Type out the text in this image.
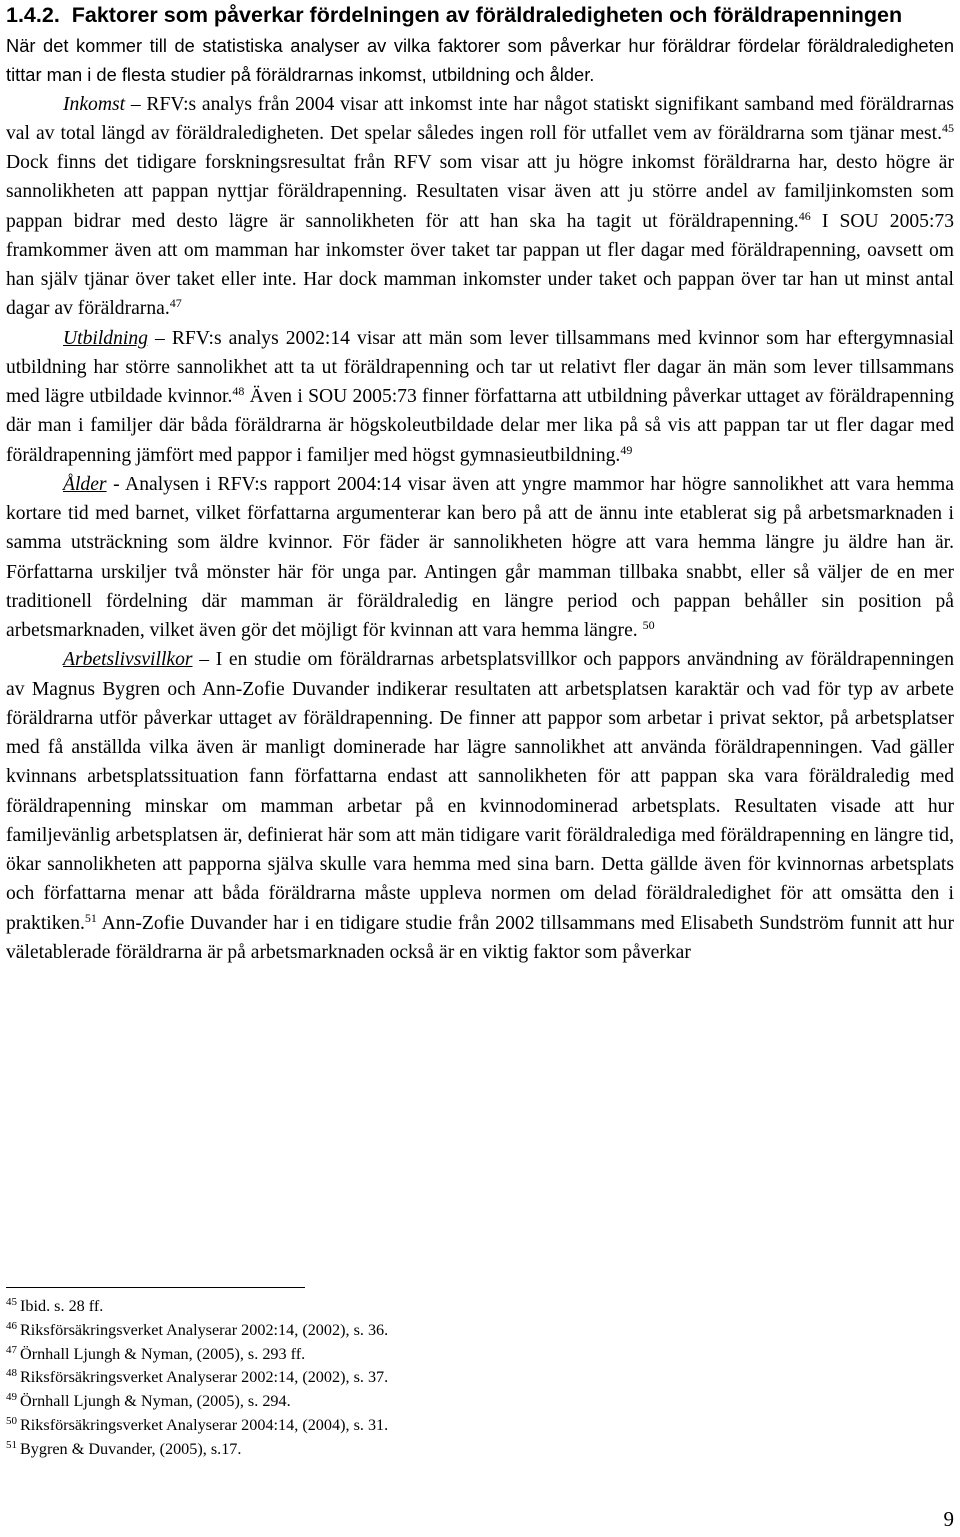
1.4.2. Faktorer som påverkar fördelningen av föräldraledigheten och föräldrapenningen

När det kommer till de statistiska analyser av vilka faktorer som påverkar hur föräldrar fördelar föräldraledigheten tittar man i de flesta studier på föräldrarnas inkomst, utbildning och ålder.

Inkomst – RFV:s analys från 2004 visar att inkomst inte har något statiskt signifikant samband med föräldrarnas val av total längd av föräldraledigheten. Det spelar således ingen roll för utfallet vem av föräldrarna som tjänar mest.$^{45}$ Dock finns det tidigare forskningsresultat från RFV som visar att ju högre inkomst föräldrarna har, desto högre är sannolikheten att pappan nyttjar föräldrapenning. Resultaten visar även att ju större andel av familjinkomsten som pappan bidrar med desto lägre är sannolikheten för att han ska ha tagit ut föräldrapenning.$^{46}$ I SOU 2005:73 framkommer även att om mamman har inkomster över taket tar pappan ut fler dagar med föräldrapenning, oavsett om han själv tjänar över taket eller inte. Har dock mamman inkomster under taket och pappan över tar han ut minst antal dagar av föräldrarna.$^{47}$

Utbildning – RFV:s analys 2002:14 visar att män som lever tillsammans med kvinnor som har eftergymnasial utbildning har större sannolikhet att ta ut föräldrapenning och tar ut relativt fler dagar än män som lever tillsammans med lägre utbildade kvinnor.$^{48}$ Även i SOU 2005:73 finner författarna att utbildning påverkar uttaget av föräldrapenning där man i familjer där båda föräldrarna är högskoleutbildade delar mer lika på så vis att pappan tar ut fler dagar med föräldrapenning jämfört med pappor i familjer med högst gymnasieutbildning.$^{49}$

Ålder - Analysen i RFV:s rapport 2004:14 visar även att yngre mammor har högre sannolikhet att vara hemma kortare tid med barnet, vilket författarna argumenterar kan bero på att de ännu inte etablerat sig på arbetsmarknaden i samma utsträckning som äldre kvinnor. För fäder är sannolikheten högre att vara hemma längre ju äldre han är. Författarna urskiljer två mönster här för unga par. Antingen går mamman tillbaka snabbt, eller så väljer de en mer traditionell fördelning där mamman är föräldraledig en längre period och pappan behåller sin position på arbetsmarknaden, vilket även gör det möjligt för kvinnan att vara hemma längre. $^{50}$

Arbetslivsvillkor – I en studie om föräldrarnas arbetsplatsvillkor och pappors användning av föräldrapenningen av Magnus Bygren och Ann-Zofie Duvander indikerar resultaten att arbetsplatsen karaktär och vad för typ av arbete föräldrarna utför påverkar uttaget av föräldrapenning. De finner att pappor som arbetar i privat sektor, på arbetsplatser med få anställda vilka även är manligt dominerade har lägre sannolikhet att använda föräldrapenningen. Vad gäller kvinnans arbetsplatssituation fann författarna endast att sannolikheten för att pappan ska vara föräldraledig med föräldrapenning minskar om mamman arbetar på en kvinnodominerad arbetsplats. Resultaten visade att hur familjevänlig arbetsplatsen är, definierat här som att män tidigare varit föräldralediga med föräldrapenning en längre tid, ökar sannolikheten att papporna själva skulle vara hemma med sina barn. Detta gällde även för kvinnornas arbetsplats och författarna menar att båda föräldrarna måste uppleva normen om delad föräldraledighet för att omsätta den i praktiken.$^{51}$ Ann-Zofie Duvander har i en tidigare studie från 2002 tillsammans med Elisabeth Sundström funnit att hur väletablerade föräldrarna är på arbetsmarknaden också är en viktig faktor som påverkar

$^{45}$ Ibid. s. 28 ff.
$^{46}$ Riksförsäkringsverket Analyserar 2002:14, (2002), s. 36.
$^{47}$ Örnhall Ljungh & Nyman, (2005), s. 293 ff.
$^{48}$ Riksförsäkringsverket Analyserar 2002:14, (2002), s. 37.
$^{49}$ Örnhall Ljungh & Nyman, (2005), s. 294.
$^{50}$ Riksförsäkringsverket Analyserar 2004:14, (2004), s. 31.
$^{51}$ Bygren & Duvander, (2005), s.17.
9
